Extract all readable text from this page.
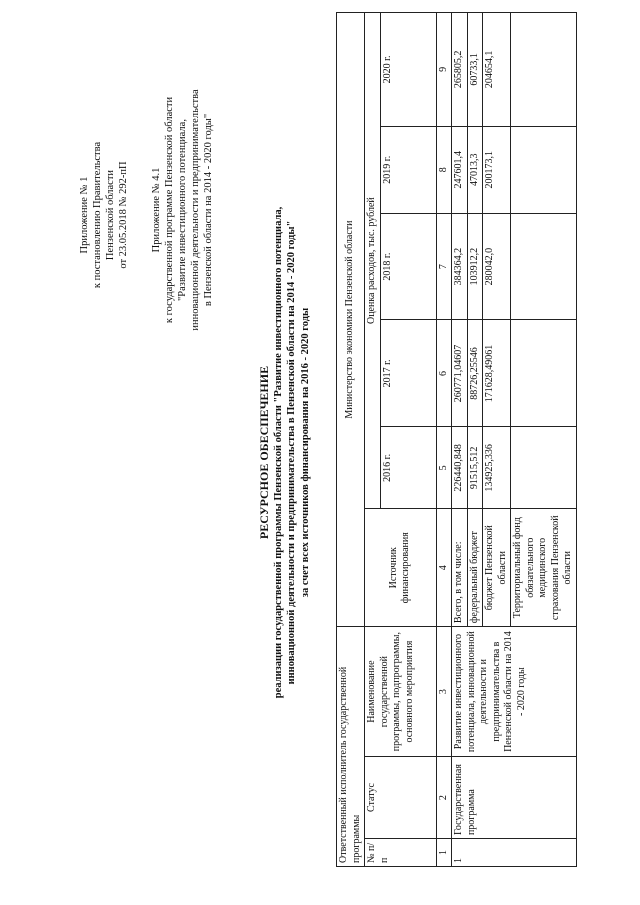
Приложение № 1 к постановлению Правительства Пензенской области от 23.05.2018 № 292-пП Приложение № 4.1 к государственной программе Пензенской области "Развитие инвестиционного потенциала, инновационной деятельности и предпринимательства в Пензенской области на 2014 - 2020 годы"
РЕСУРСНОЕ ОБЕСПЕЧЕНИЕ реализации государственной программы Пензенской области "Развитие инвестиционного потенциала, инновационной деятельности и предпринимательства в Пензенской области на 2014 - 2020 годы" за счет всех источников финансирования на 2016 - 2020 годы
Ответственный исполнитель государственной программы			Министерство экономики Пензенской области					
№ п/п	Статус	Наименование государственной программы, подпрограммы, основного мероприятия	Источник финансирования	Оценка расходов, тыс. рублей				
				2016 г.	2017 г.	2018 г.	2019 г.	2020 г.
1	2	3	4	5	6	7	8	9
1	Государственная программа	Развитие инвестиционного потенциала, инновационной деятельности и предпринимательства в Пензенской области на 2014 - 2020 годы	Всего, в том числе:	226440,848	260771,04607	384364,2	247601,4	265805,2
			федеральный бюджет	91515,512	88726,25546	103912,2	47013,3	60733,1
			бюджет Пензенской области	134925,336	171628,49061	280042,0	200173,1	204654,1
			Территориальный фонд обязательного медицинского страхования Пензенской области					
